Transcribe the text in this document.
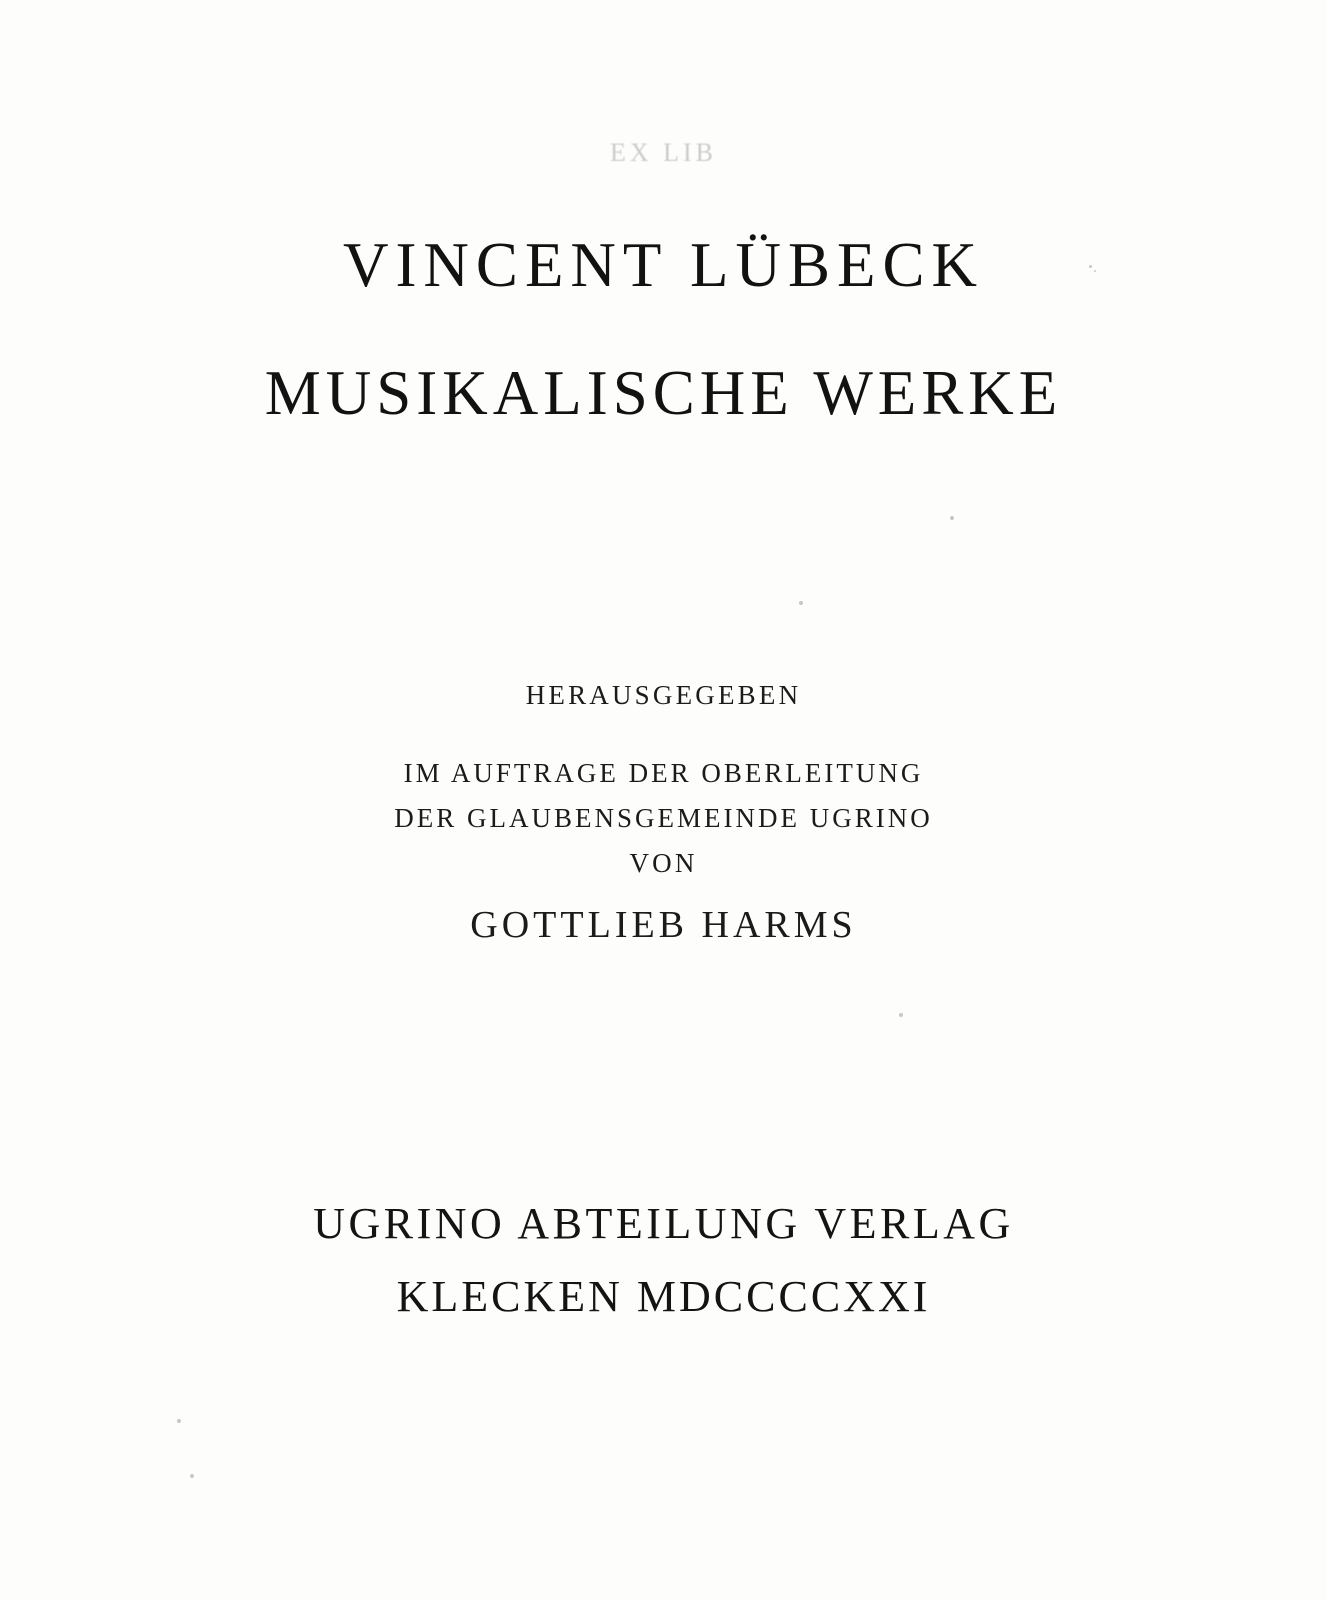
ЕХ LIB
VINCENT LÜBECK
MUSIKALISCHE WERKE
HERAUSGEGEBEN
IM AUFTRAGE DER OBERLEITUNG
DER GLAUBENSGEMEINDE UGRINO
VON
GOTTLIEB HARMS
UGRINO ABTEILUNG VERLAG
KLECKEN MDCCCCXXI
